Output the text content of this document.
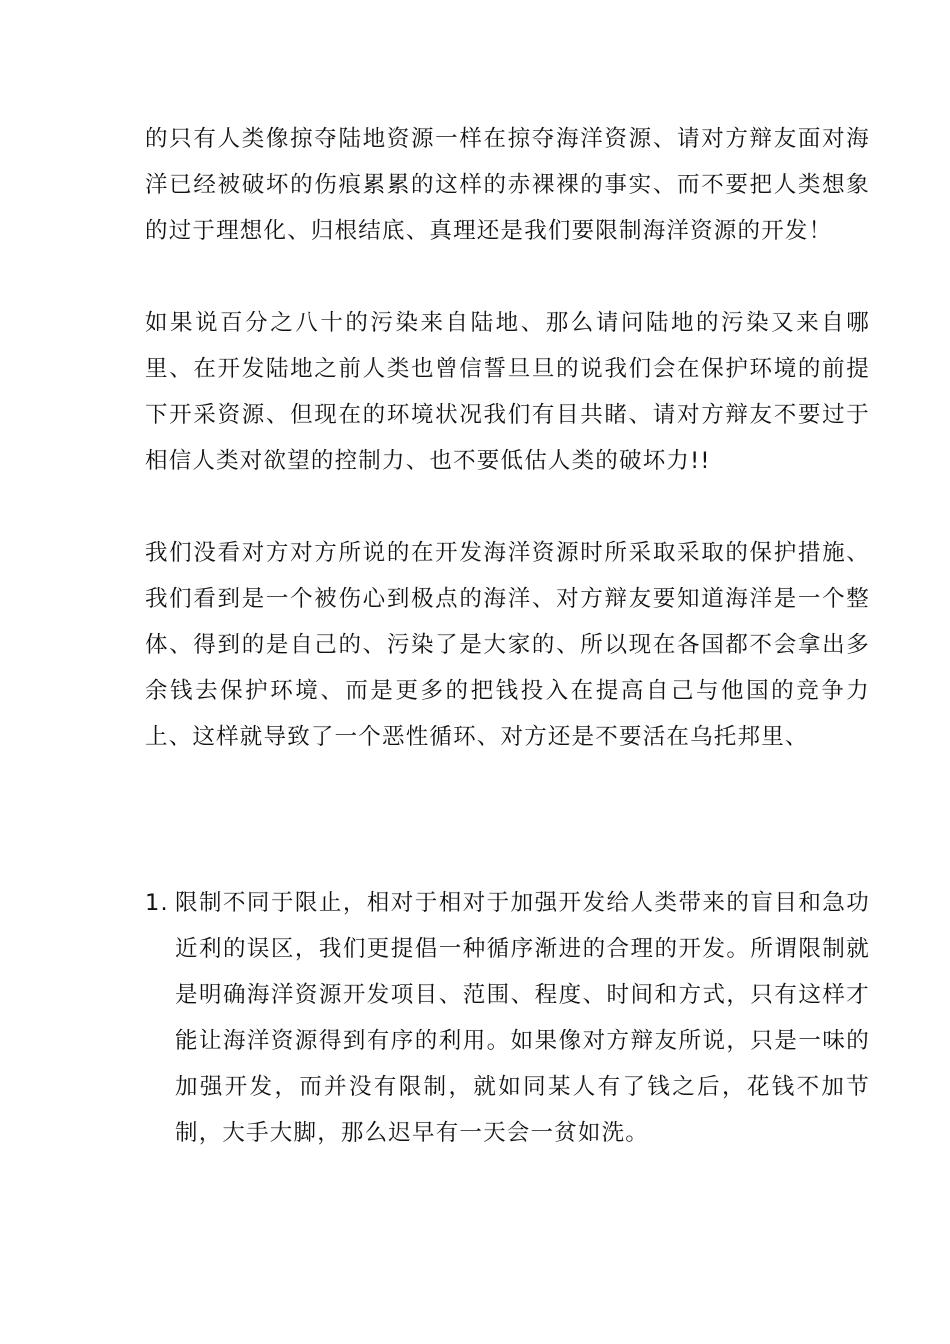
的只有人类像掠夺陆地资源一样在掠夺海洋资源、请对方辩友面对海洋已经被破坏的伤痕累累的这样的赤裸裸的事实、而不要把人类想象的过于理想化、归根结底、真理还是我们要限制海洋资源的开发！

如果说百分之八十的污染来自陆地、那么请问陆地的污染又来自哪里、在开发陆地之前人类也曾信誓旦旦的说我们会在保护环境的前提下开采资源、但现在的环境状况我们有目共睹、请对方辩友不要过于相信人类对欲望的控制力、也不要低估人类的破坏力!!

我们没看对方对方所说的在开发海洋资源时所采取采取的保护措施、我们看到是一个被伤心到极点的海洋、对方辩友要知道海洋是一个整体、得到的是自己的、污染了是大家的、所以现在各国都不会拿出多余钱去保护环境、而是更多的把钱投入在提高自己与他国的竞争力上、这样就导致了一个恶性循环、对方还是不要活在乌托邦里、

1. 限制不同于限止，相对于相对于加强开发给人类带来的盲目和急功近利的误区，我们更提倡一种循序渐进的合理的开发。所谓限制就是明确海洋资源开发项目、范围、程度、时间和方式，只有这样才能让海洋资源得到有序的利用。如果像对方辩友所说，只是一味的加强开发，而并没有限制，就如同某人有了钱之后，花钱不加节制，大手大脚，那么迟早有一天会一贫如洗。
